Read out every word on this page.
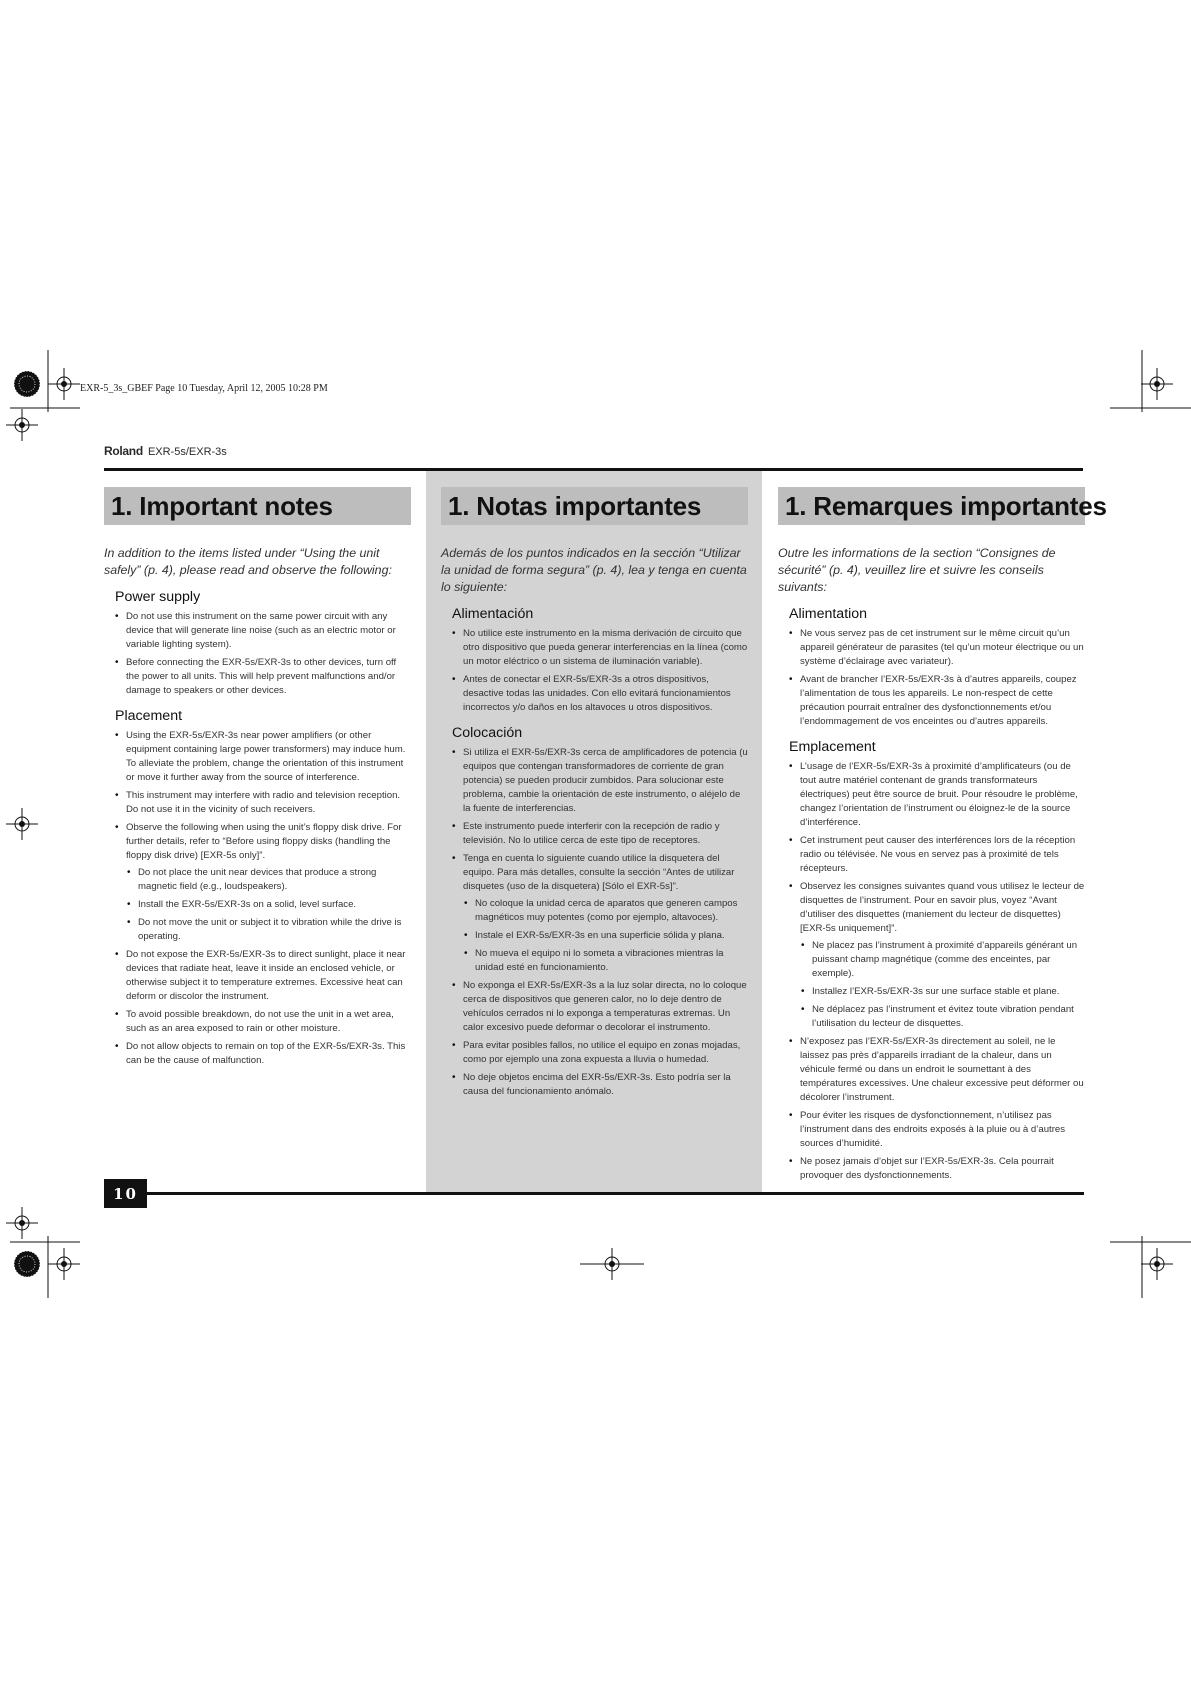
EXR-5_3s_GBEF Page 10 Tuesday, April 12, 2005 10:28 PM
Roland EXR-5s/EXR-3s
1. Important notes

In addition to the items listed under “Using the unit safely” (p. 4), please read and observe the following:

Power supply
• Do not use this instrument on the same power circuit with any device that will generate line noise (such as an electric motor or variable lighting system).
• Before connecting the EXR-5s/EXR-3s to other devices, turn off the power to all units. This will help prevent malfunctions and/or damage to speakers or other devices.
Placement
• Using the EXR-5s/EXR-3s near power amplifiers (or other equipment containing large power transformers) may induce hum. To alleviate the problem, change the orientation of this instrument or move it further away from the source of interference.
• This instrument may interfere with radio and television reception. Do not use it in the vicinity of such receivers.
• Observe the following when using the unit’s floppy disk drive. For further details, refer to “Before using floppy disks (handling the floppy disk drive) [EXR-5s only]”.
• Do not place the unit near devices that produce a strong magnetic field (e.g., loudspeakers).
• Install the EXR-5s/EXR-3s on a solid, level surface.
• Do not move the unit or subject it to vibration while the drive is operating.
• Do not expose the EXR-5s/EXR-3s to direct sunlight, place it near devices that radiate heat, leave it inside an enclosed vehicle, or otherwise subject it to temperature extremes. Excessive heat can deform or discolor the instrument.
• To avoid possible breakdown, do not use the unit in a wet area, such as an area exposed to rain or other moisture.
• Do not allow objects to remain on top of the EXR-5s/EXR-3s. This can be the cause of malfunction.
1. Notas importantes

Además de los puntos indicados en la sección “Utilizar la unidad de forma segura” (p. 4), lea y tenga en cuenta lo siguiente:

Alimentación
• No utilice este instrumento en la misma derivación de circuito que otro dispositivo que pueda generar interferencias en la línea (como un motor eléctrico o un sistema de iluminación variable).
• Antes de conectar el EXR-5s/EXR-3s a otros dispositivos, desactive todas las unidades. Con ello evitará funcionamientos incorrectos y/o daños en los altavoces u otros dispositivos.
Colocación
• Si utiliza el EXR-5s/EXR-3s cerca de amplificadores de potencia (u equipos que contengan transformadores de corriente de gran potencia) se pueden producir zumbidos. Para solucionar este problema, cambie la orientación de este instrumento, o aléjelo de la fuente de interferencias.
• Este instrumento puede interferir con la recepción de radio y televisión. No lo utilice cerca de este tipo de receptores.
• Tenga en cuenta lo siguiente cuando utilice la disquetera del equipo. Para más detalles, consulte la sección “Antes de utilizar disquetes (uso de la disquetera) [Sólo el EXR-5s]”.
• No coloque la unidad cerca de aparatos que generen campos magnéticos muy potentes (como por ejemplo, altavoces).
• Instale el EXR-5s/EXR-3s en una superficie sólida y plana.
• No mueva el equipo ni lo someta a vibraciones mientras la unidad esté en funcionamiento.
• No exponga el EXR-5s/EXR-3s a la luz solar directa, no lo coloque cerca de dispositivos que generen calor, no lo deje dentro de vehículos cerrados ni lo exponga a temperaturas extremas. Un calor excesivo puede deformar o decolorar el instrumento.
• Para evitar posibles fallos, no utilice el equipo en zonas mojadas, como por ejemplo una zona expuesta a lluvia o humedad.
• No deje objetos encima del EXR-5s/EXR-3s. Esto podría ser la causa del funcionamiento anómalo.
1. Remarques importantes

Outre les informations de la section “Consignes de sécurité” (p. 4), veuillez lire et suivre les conseils suivants:

Alimentation
• Ne vous servez pas de cet instrument sur le même circuit qu’un appareil générateur de parasites (tel qu’un moteur électrique ou un système d’éclairage avec variateur).
• Avant de brancher l’EXR-5s/EXR-3s à d’autres appareils, coupez l’alimentation de tous les appareils. Le non-respect de cette précaution pourrait entraîner des dysfonctionnements et/ou l’endommagement de vos enceintes ou d’autres appareils.
Emplacement
• L’usage de l’EXR-5s/EXR-3s à proximité d’amplificateurs (ou de tout autre matériel contenant de grands transformateurs électriques) peut être source de bruit. Pour résoudre le problème, changez l’orientation de l’instrument ou éloignez-le de la source d’interférence.
• Cet instrument peut causer des interférences lors de la réception radio ou télévisée. Ne vous en servez pas à proximité de tels récepteurs.
• Observez les consignes suivantes quand vous utilisez le lecteur de disquettes de l’instrument. Pour en savoir plus, voyez “Avant d’utiliser des disquettes (maniement du lecteur de disquettes) [EXR-5s uniquement]”.
• Ne placez pas l’instrument à proximité d’appareils générant un puissant champ magnétique (comme des enceintes, par exemple).
• Installez l’EXR-5s/EXR-3s sur une surface stable et plane.
• Ne déplacez pas l’instrument et évitez toute vibration pendant l’utilisation du lecteur de disquettes.
• N’exposez pas l’EXR-5s/EXR-3s directement au soleil, ne le laissez pas près d’appareils irradiant de la chaleur, dans un véhicule fermé ou dans un endroit le soumettant à des températures excessives. Une chaleur excessive peut déformer ou décolorer l’instrument.
• Pour éviter les risques de dysfonctionnement, n’utilisez pas l’instrument dans des endroits exposés à la pluie ou à d’autres sources d’humidité.
• Ne posez jamais d’objet sur l’EXR-5s/EXR-3s. Cela pourrait provoquer des dysfonctionnements.
10
